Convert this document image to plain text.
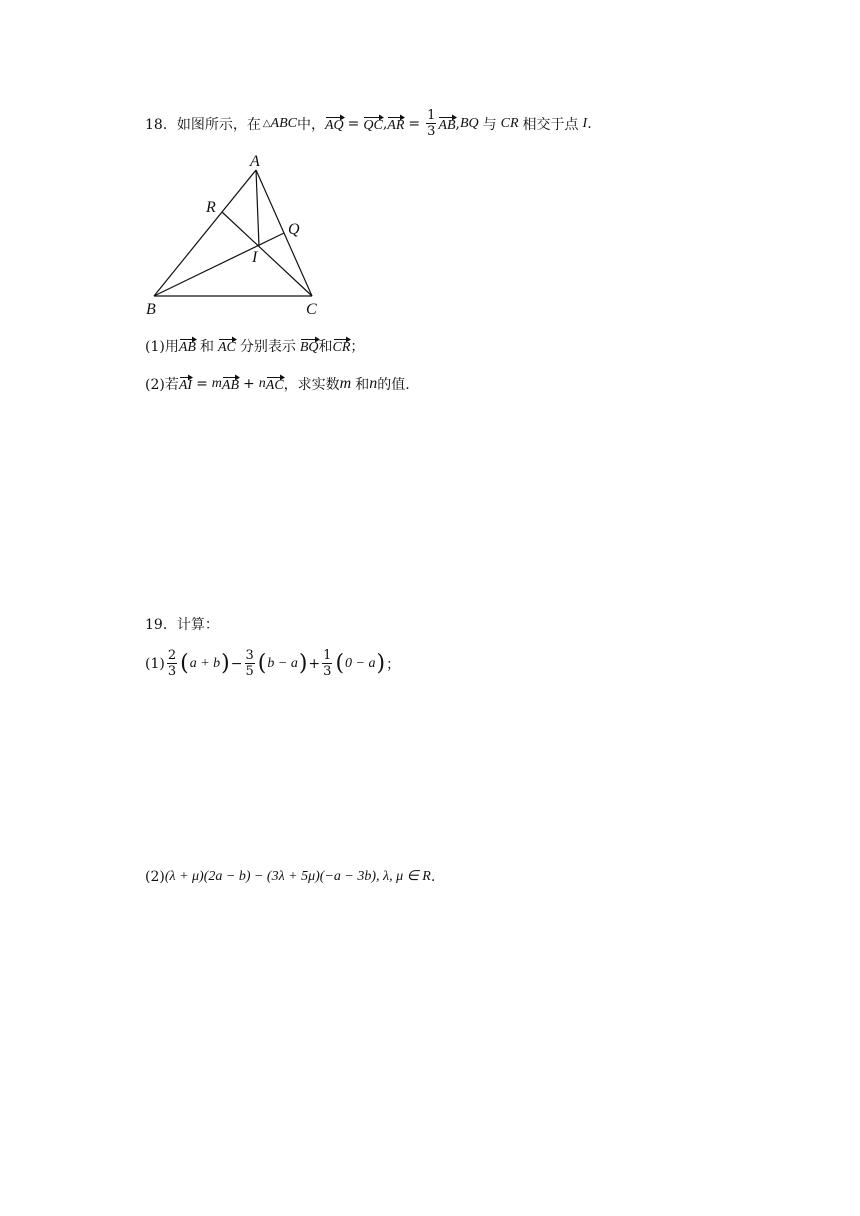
18． 如图所示，在 △ ABC 中， AQ = QC , AR = $\frac{1}{3}$ AB , BQ 与 CR 相交于点 I .
A
R
Q
I
B	C
(1)用 AB 和 AC 分别表示 BQ 和 CR ；
(2)若 AI = m AB + n AC ，求实数 m 和 n 的值.
19． 计算：
$(1) \frac{2}{3}$ ( a + b ) − $\frac{3}{5}$ ( b − a ) + $\frac{1}{3}$ ( 0 − a ) ；
(2) (λ + μ)(2a − b) − (3λ + 5μ)(−a − 3b), λ, μ ∈ R .
